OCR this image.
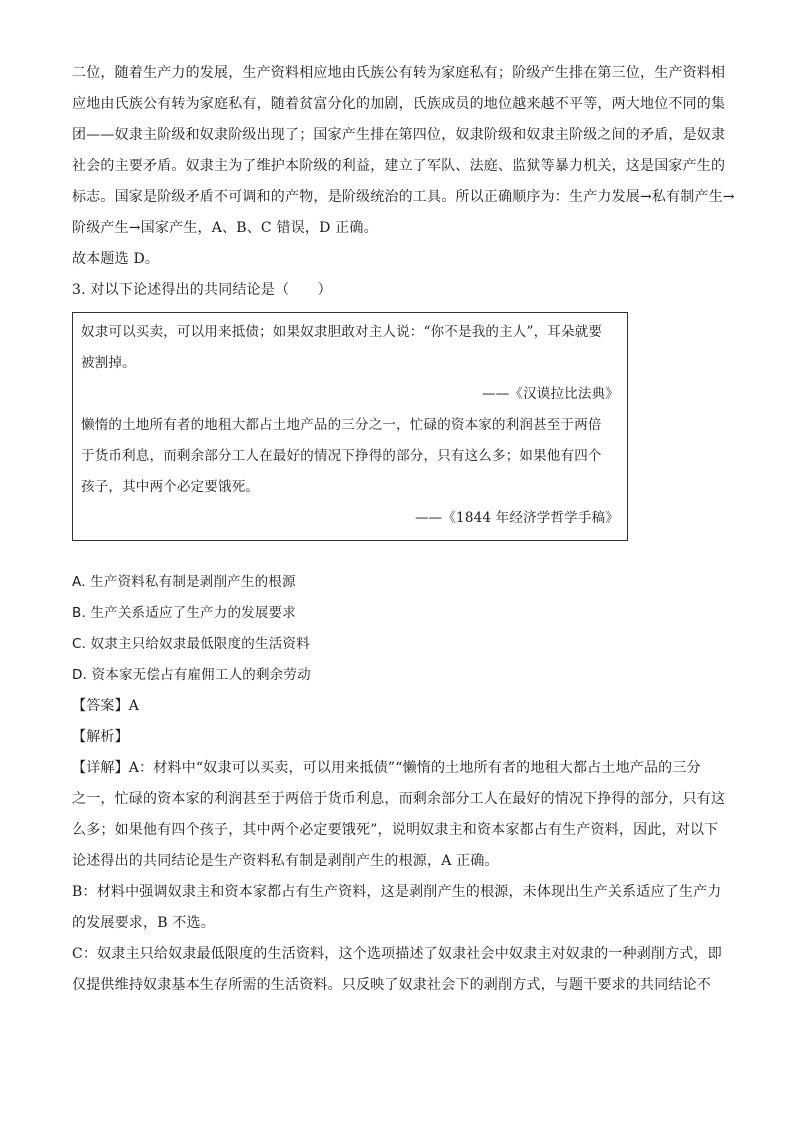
二位，随着生产力的发展，生产资料相应地由氏族公有转为家庭私有；阶级产生排在第三位，生产资料相
应地由氏族公有转为家庭私有，随着贫富分化的加剧，氏族成员的地位越来越不平等，两大地位不同的集
团——奴隶主阶级和奴隶阶级出现了；国家产生排在第四位，奴隶阶级和奴隶主阶级之间的矛盾，是奴隶
社会的主要矛盾。奴隶主为了维护本阶级的利益，建立了军队、法庭、监狱等暴力机关，这是国家产生的
标志。国家是阶级矛盾不可调和的产物，是阶级统治的工具。所以正确顺序为：生产力发展→私有制产生→
阶级产生→国家产生，A、B、C 错误，D 正确。
故本题选 D。
3. 对以下论述得出的共同结论是（　　）
奴隶可以买卖，可以用来抵债；如果奴隶胆敢对主人说：“你不是我的主人”，耳朵就要
被割掉。
——《汉谟拉比法典》
懒惰的土地所有者的地租大都占土地产品的三分之一，忙碌的资本家的利润甚至于两倍
于货币利息，而剩余部分工人在最好的情况下挣得的部分，只有这么多；如果他有四个
孩子，其中两个必定要饿死。
——《1844 年经济学哲学手稿》
A. 生产资料私有制是剥削产生的根源
B. 生产关系适应了生产力的发展要求
C. 奴隶主只给奴隶最低限度的生活资料
D. 资本家无偿占有雇佣工人的剩余劳动
【答案】A
【解析】
【详解】A：材料中“奴隶可以买卖，可以用来抵债”“懒惰的土地所有者的地租大都占土地产品的三分
之一，忙碌的资本家的利润甚至于两倍于货币利息，而剩余部分工人在最好的情况下挣得的部分，只有这
么多；如果他有四个孩子，其中两个必定要饿死”，说明奴隶主和资本家都占有生产资料，因此，对以下
论述得出的共同结论是生产资料私有制是剥削产生的根源，A 正确。
B：材料中强调奴隶主和资本家都占有生产资料，这是剥削产生的根源，未体现出生产关系适应了生产力
的发展要求，B 不选。
C：奴隶主只给奴隶最低限度的生活资料，这个选项描述了奴隶社会中奴隶主对奴隶的一种剥削方式，即
仅提供维持奴隶基本生存所需的生活资料。只反映了奴隶社会下的剥削方式，与题干要求的共同结论不
